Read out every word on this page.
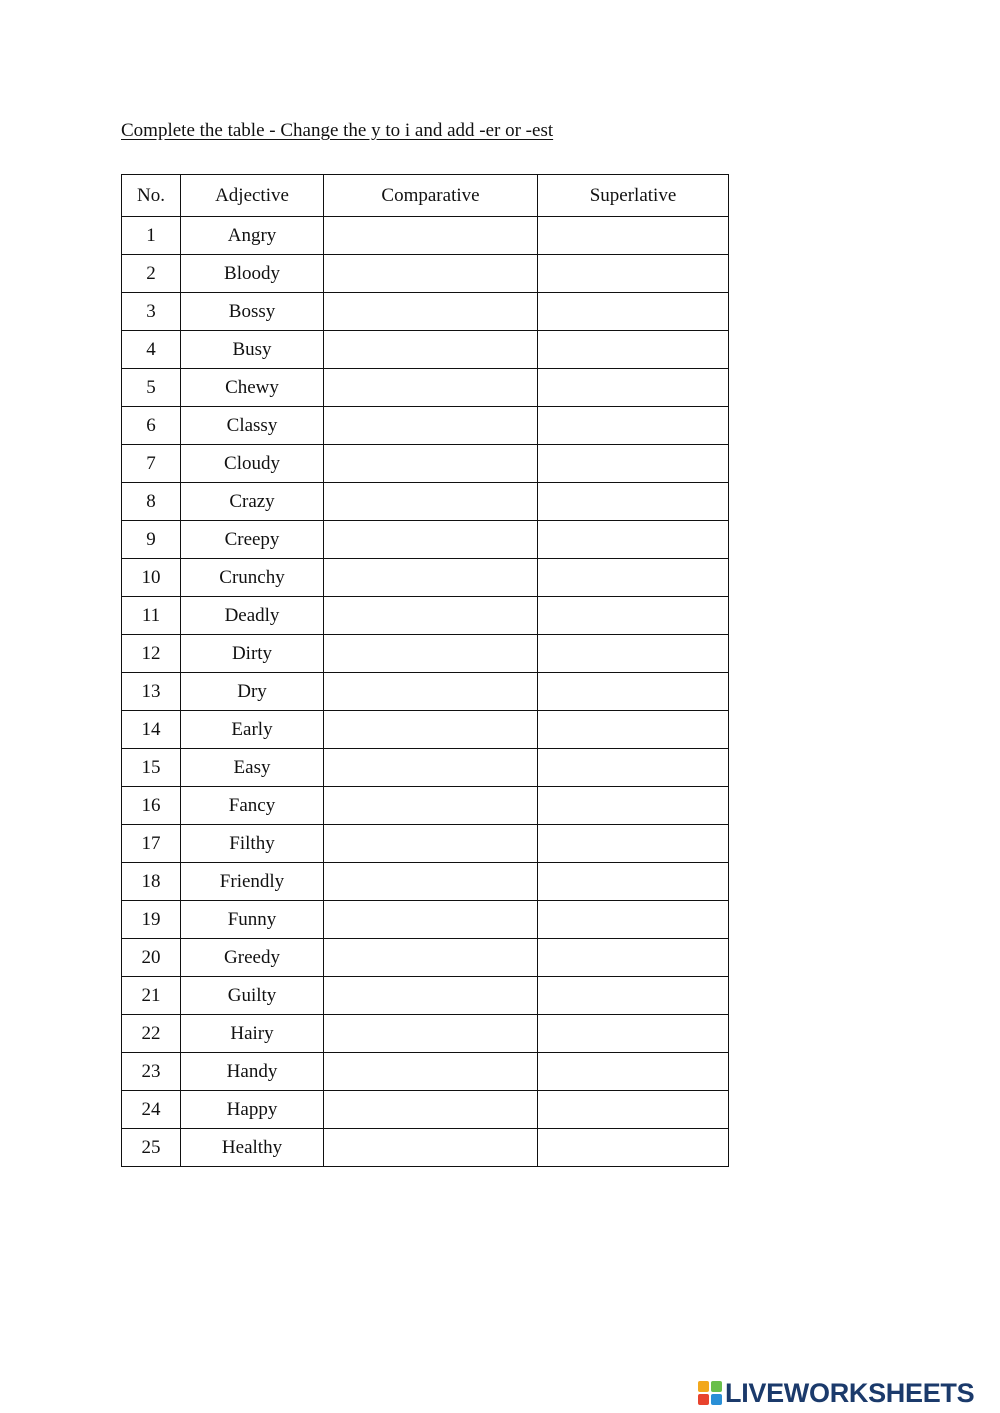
Complete the table - Change the y to i and add -er or -est
No.	Adjective	Comparative	Superlative
1	Angry	

2	Bloody	

3	Bossy	

4	Busy	

5	Chewy	

6	Classy	

7	Cloudy	

8	Crazy	

9	Creepy	

10	Crunchy	

11	Deadly	

12	Dirty	

13	Dry	

14	Early	

15	Easy	

16	Fancy	

17	Filthy	

18	Friendly	

19	Funny	

20	Greedy	

21	Guilty	

22	Hairy	

23	Handy	

24	Happy	

25	Healthy	

LIVEWORKSHEETS
